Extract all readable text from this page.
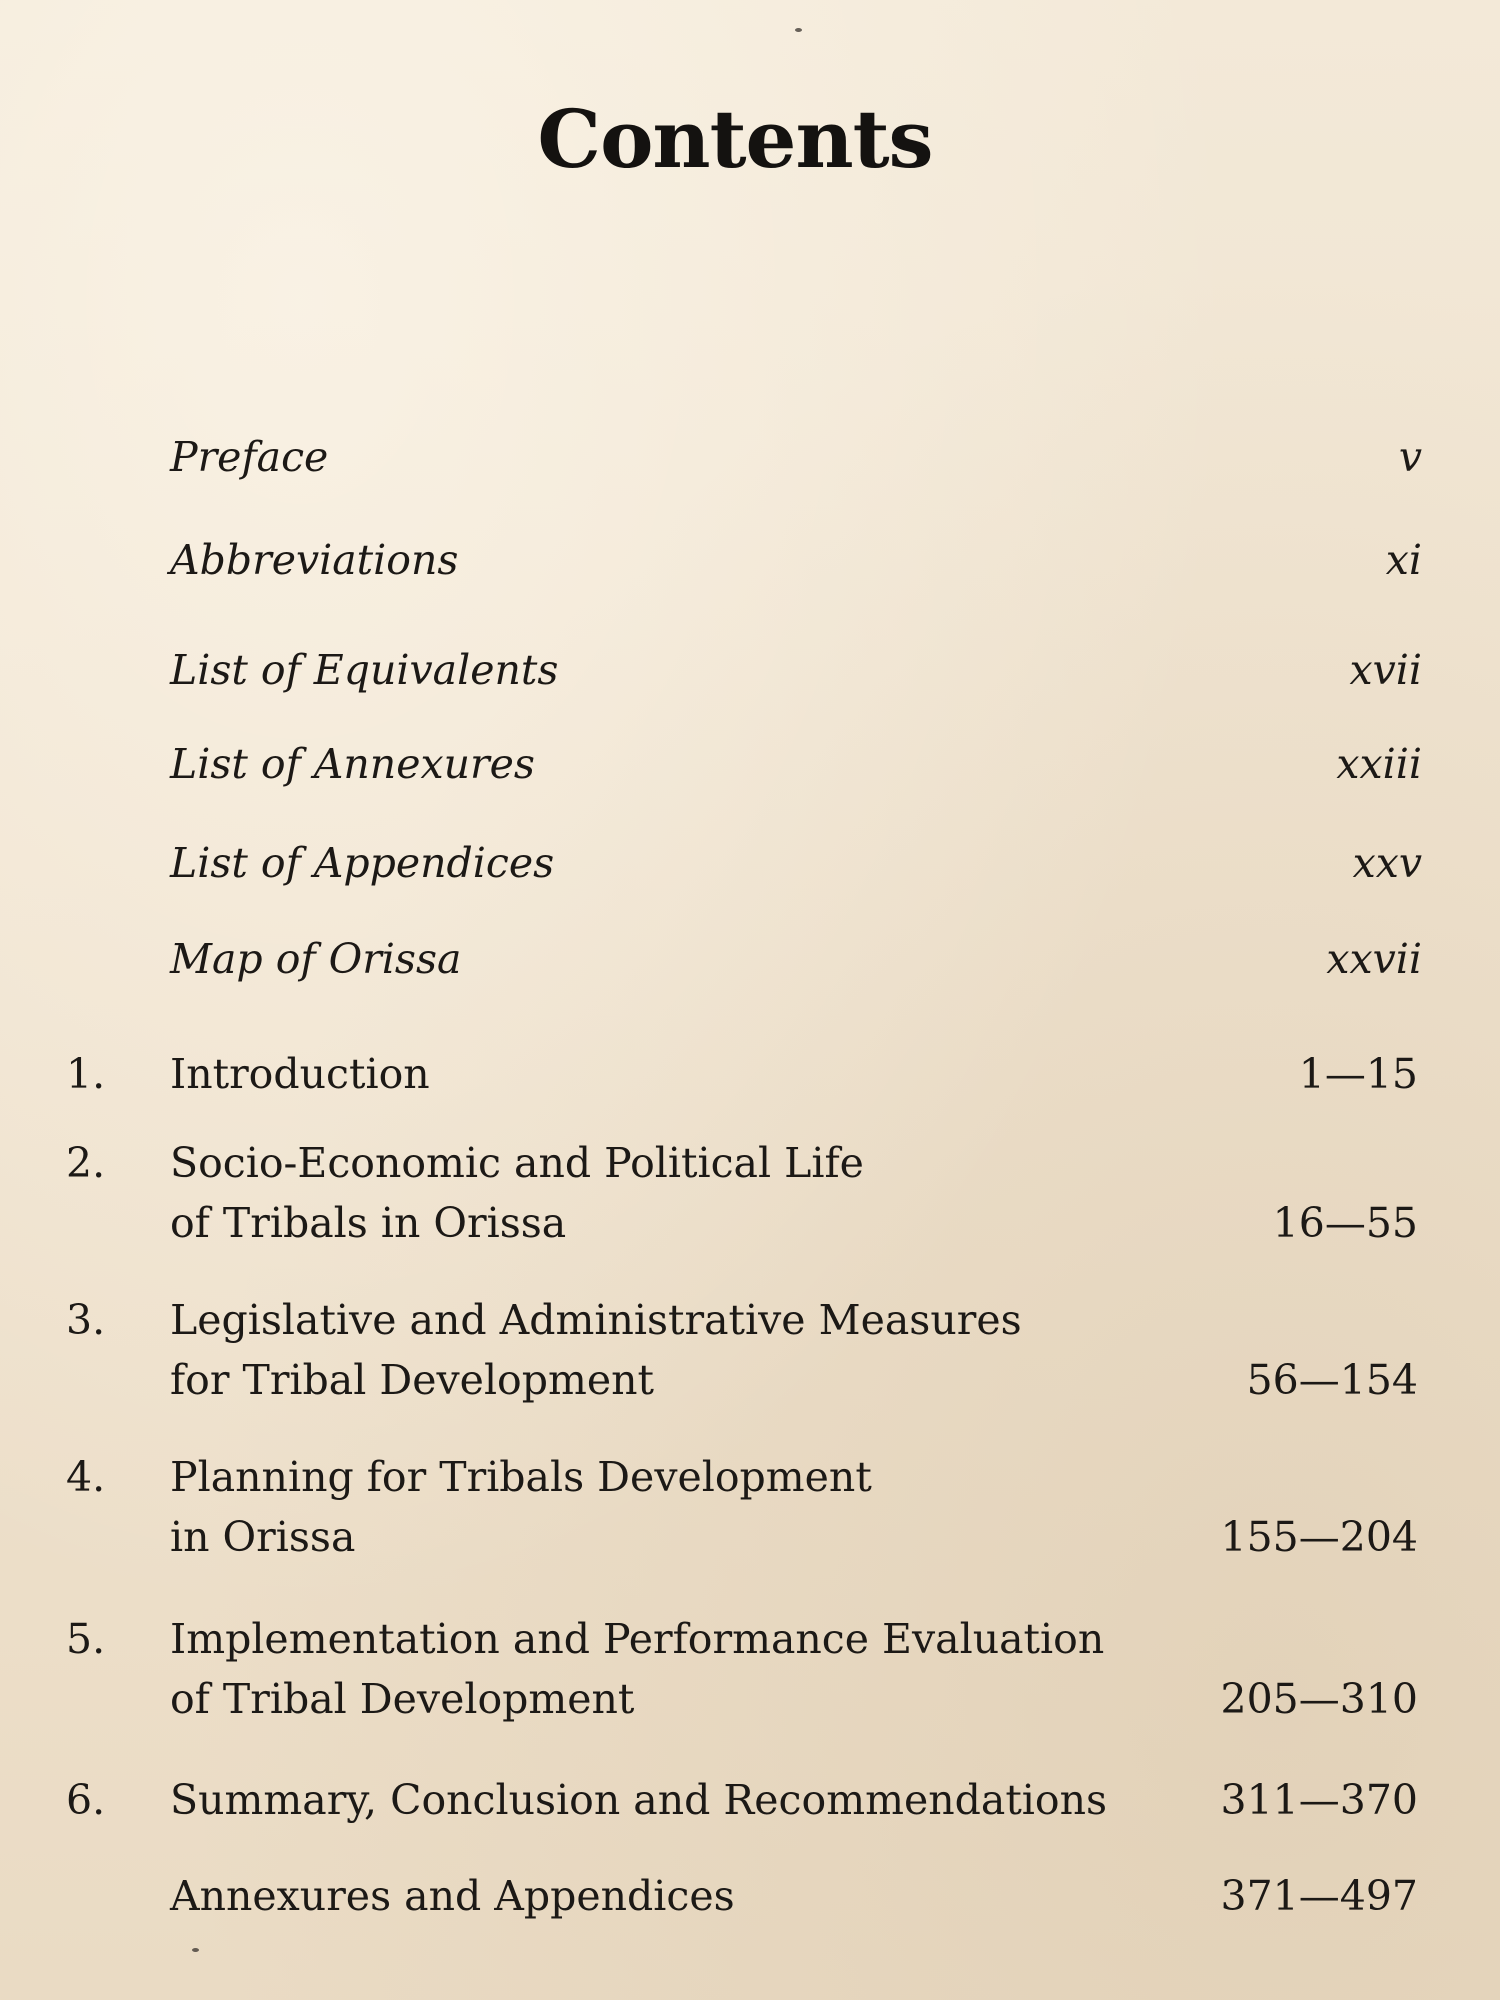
Contents
Preface	v
Abbreviations	xi
List of Equivalents	xvii
List of Annexures	xxiii
List of Appendices	xxv
Map of Orissa	xxvii
1. Introduction	1—15
2. Socio-Economic and Political Life
of Tribals in Orissa	16—55
3. Legislative and Administrative Measures
for Tribal Development	56—154
4. Planning for Tribals Development
in Orissa	155—204
5. Implementation and Performance Evaluation
of Tribal Development	205—310
6. Summary, Conclusion and Recommendations	311—370
Annexures and Appendices	371—497
